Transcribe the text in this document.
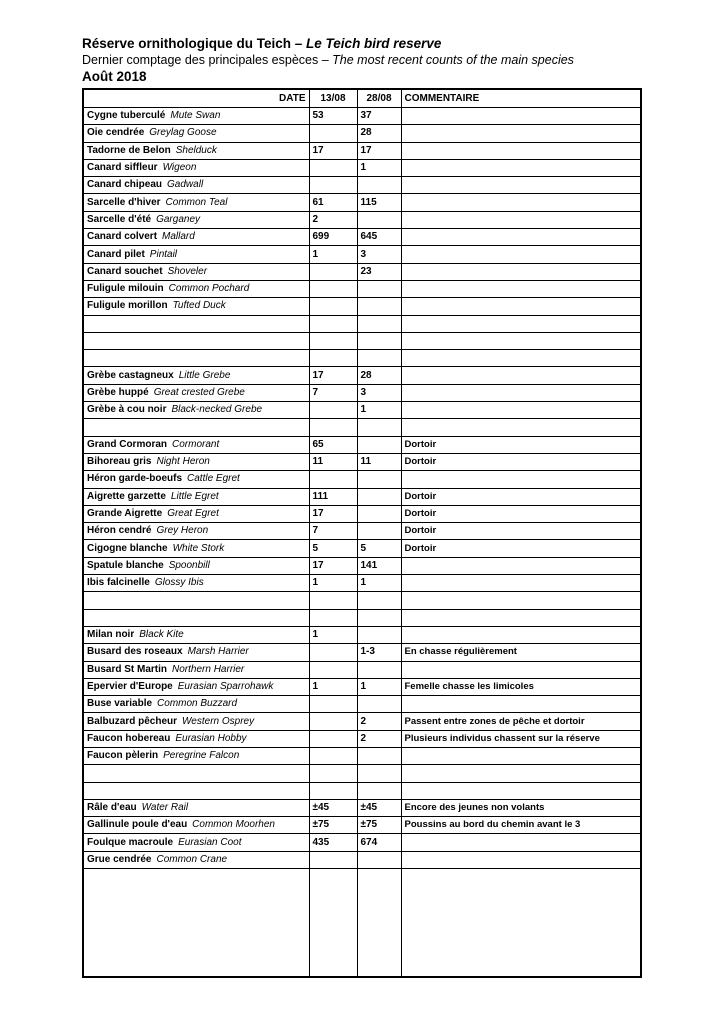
Réserve ornithologique du Teich – Le Teich bird reserve
Dernier comptage des principales espèces – The most recent counts of the main species
Août 2018
DATE	13/08	28/08	COMMENTAIRE
Cygne tuberculé Mute Swan	53	37	
Oie cendrée Greylag Goose		28	
Tadorne de Belon Shelduck	17	17	
Canard siffleur Wigeon		1	
Canard chipeau Gadwall			
Sarcelle d'hiver Common Teal	61	115	
Sarcelle d'été Garganey	2		
Canard colvert Mallard	699	645	
Canard pilet Pintail	1	3	
Canard souchet Shoveler		23	
Fuligule milouin Common Pochard			
Fuligule morillon Tufted Duck			

Grèbe castagneux Little Grebe	17	28	
Grèbe huppé Great crested Grebe	7	3	
Grèbe à cou noir Black-necked Grebe		1	

Grand Cormoran Cormorant	65		Dortoir
Bihoreau gris Night Heron	11	11	Dortoir
Héron garde-boeufs Cattle Egret			
Aigrette garzette Little Egret	111		Dortoir
Grande Aigrette Great Egret	17		Dortoir
Héron cendré Grey Heron	7		Dortoir
Cigogne blanche White Stork	5	5	Dortoir
Spatule blanche Spoonbill	17	141	
Ibis falcinelle Glossy Ibis	1	1	

Milan noir Black Kite	1		
Busard des roseaux Marsh Harrier		1-3	En chasse régulièrement
Busard St Martin Northern Harrier			
Epervier d'Europe Eurasian Sparrohawk	1	1	Femelle chasse les limicoles
Buse variable Common Buzzard			
Balbuzard pêcheur Western Osprey		2	Passent entre zones de pêche et dortoir
Faucon hobereau Eurasian Hobby		2	Plusieurs individus chassent sur la réserve
Faucon pèlerin Peregrine Falcon			

Râle d'eau Water Rail	±45	±45	Encore des jeunes non volants
Gallinule poule d'eau Common Moorhen	±75	±75	Poussins au bord du chemin avant le 3
Foulque macroule Eurasian Coot	435	674	
Grue cendrée Common Crane			
